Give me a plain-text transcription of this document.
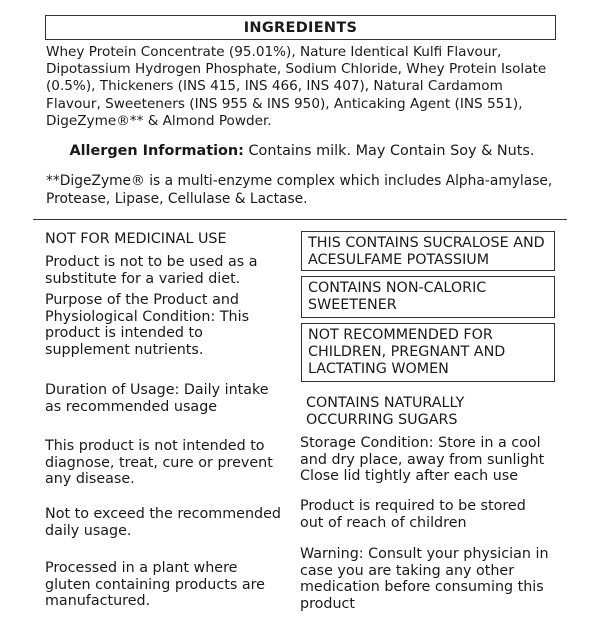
INGREDIENTS
Whey Protein Concentrate (95.01%), Nature Identical Kulfi Flavour, Dipotassium Hydrogen Phosphate, Sodium Chloride, Whey Protein Isolate (0.5%), Thickeners (INS 415, INS 466, INS 407), Natural Cardamom Flavour, Sweeteners (INS 955 & INS 950), Anticaking Agent (INS 551), DigeZyme®** & Almond Powder.
Allergen Information: Contains milk. May Contain Soy & Nuts.
**DigeZyme® is a multi-enzyme complex which includes Alpha-amylase, Protease, Lipase, Cellulase & Lactase.
NOT FOR MEDICINAL USE
Product is not to be used as a substitute for a varied diet.
Purpose of the Product and Physiological Condition: This product is intended to supplement nutrients.
Duration of Usage: Daily intake as recommended usage
This product is not intended to diagnose, treat, cure or prevent any disease.
Not to exceed the recommended daily usage.
Processed in a plant where gluten containing products are manufactured.
THIS CONTAINS SUCRALOSE AND ACESULFAME POTASSIUM
CONTAINS NON-CALORIC SWEETENER
NOT RECOMMENDED FOR CHILDREN, PREGNANT AND LACTATING WOMEN
CONTAINS NATURALLY OCCURRING SUGARS
Storage Condition: Store in a cool and dry place, away from sunlight Close lid tightly after each use
Product is required to be stored out of reach of children
Warning: Consult your physician in case you are taking any other medication before consuming this product
